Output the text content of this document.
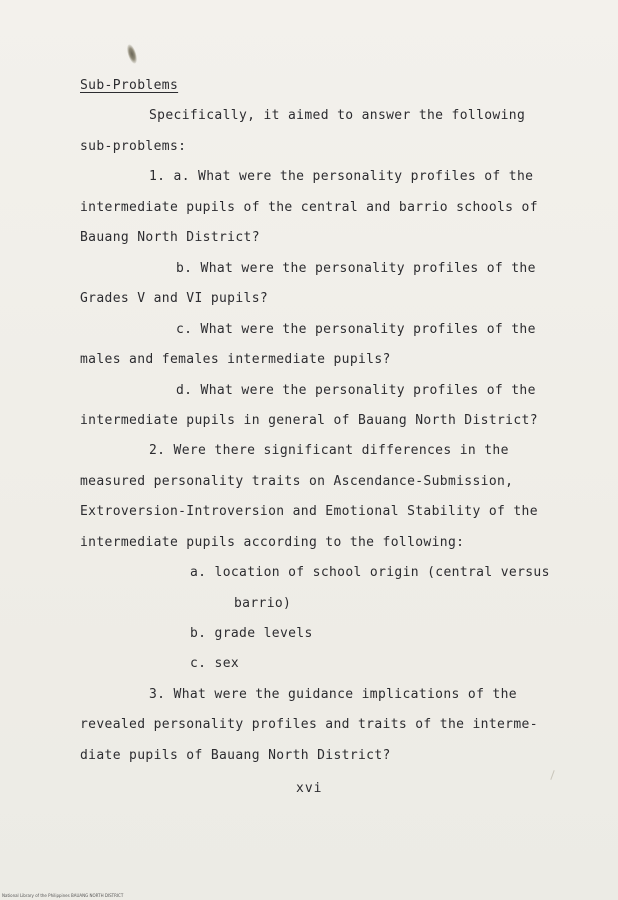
Sub-Problems
Specifically, it aimed to answer the following
sub-problems:
1. a. What were the personality profiles of the
intermediate pupils of the central and barrio schools of
Bauang North District?
b. What were the personality profiles of the
Grades V and VI pupils?
c. What were the personality profiles of the
males and females intermediate pupils?
d. What were the personality profiles of the
intermediate pupils in general of Bauang North District?
2. Were there significant differences in the
measured personality traits on Ascendance-Submission,
Extroversion-Introversion and Emotional Stability of the
intermediate pupils according to the following:
a. location of school origin (central versus
barrio)
b. grade levels
c. sex
3. What were the guidance implications of the
revealed personality profiles and traits of the interme-
diate pupils of Bauang North District?
xvi
National Library of the Philippines BAUANG NORTH DISTRICT
